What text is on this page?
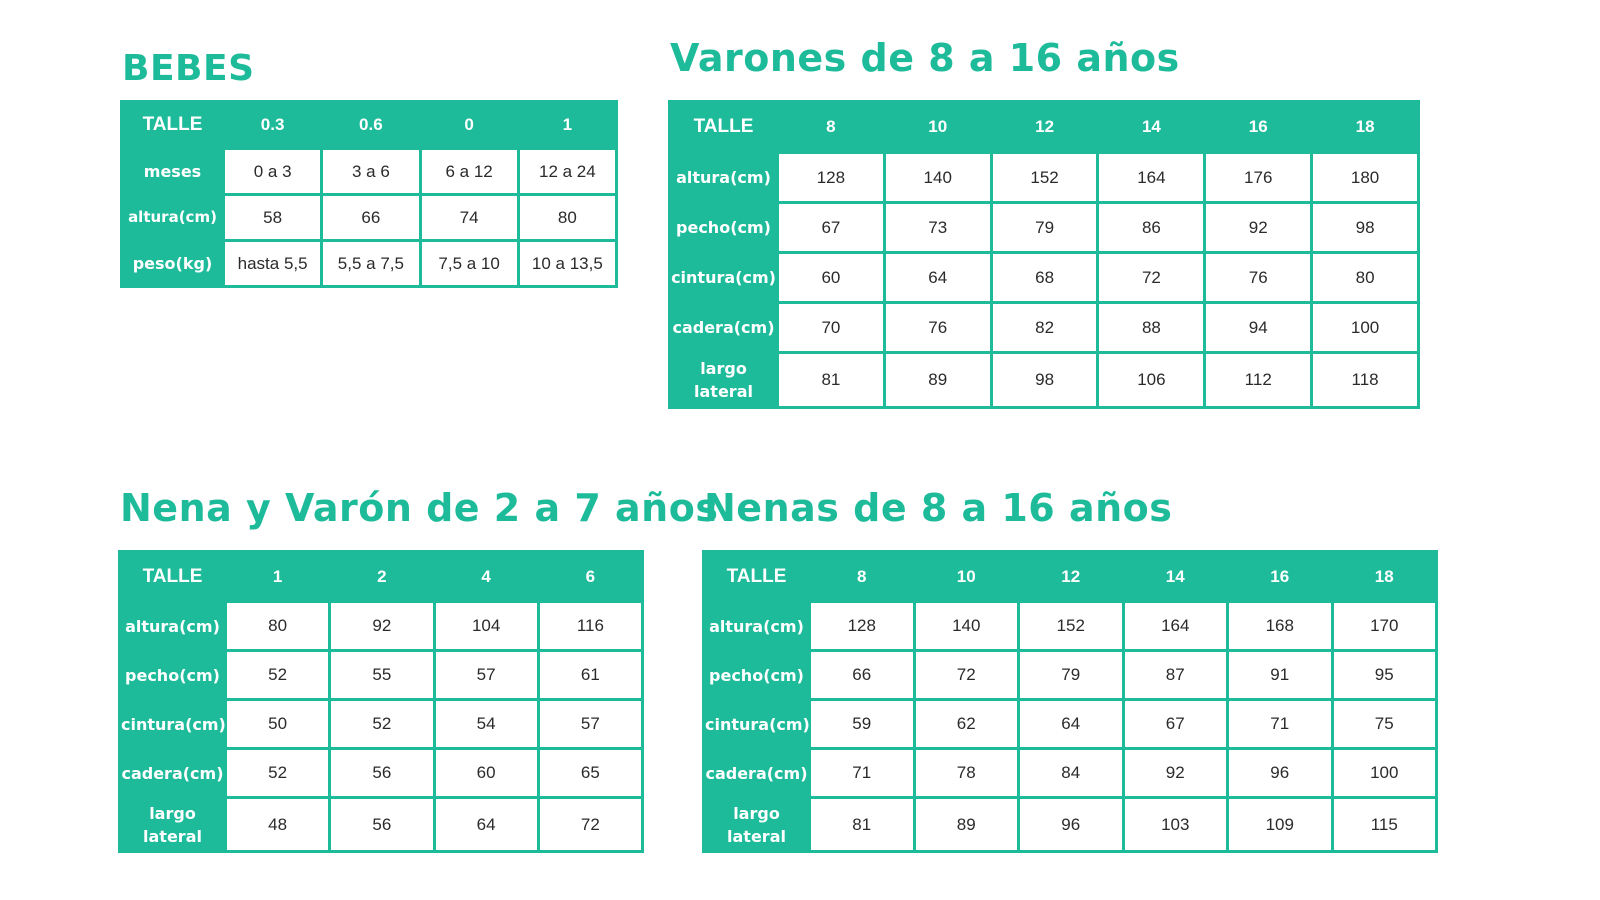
BEBES
TALLE	0.3	0.6	0	1
meses	0 a 3	3 a 6	6 a 12	12 a 24
altura(cm)	58	66	74	80
peso(kg)	hasta 5,5	5,5 a 7,5	7,5 a 10	10 a 13,5
Varones de 8 a 16 años
TALLE	8	10	12	14	16	18
altura(cm)	128	140	152	164	176	180
pecho(cm)	67	73	79	86	92	98
cintura(cm)	60	64	68	72	76	80
cadera(cm)	70	76	82	88	94	100
largo lateral	81	89	98	106	112	118
Nena y Varón de 2 a 7 años
TALLE	1	2	4	6
altura(cm)	80	92	104	116
pecho(cm)	52	55	57	61
cintura(cm)	50	52	54	57
cadera(cm)	52	56	60	65
largo lateral	48	56	64	72
Nenas de 8 a 16 años
TALLE	8	10	12	14	16	18
altura(cm)	128	140	152	164	168	170
pecho(cm)	66	72	79	87	91	95
cintura(cm)	59	62	64	67	71	75
cadera(cm)	71	78	84	92	96	100
largo lateral	81	89	96	103	109	115
